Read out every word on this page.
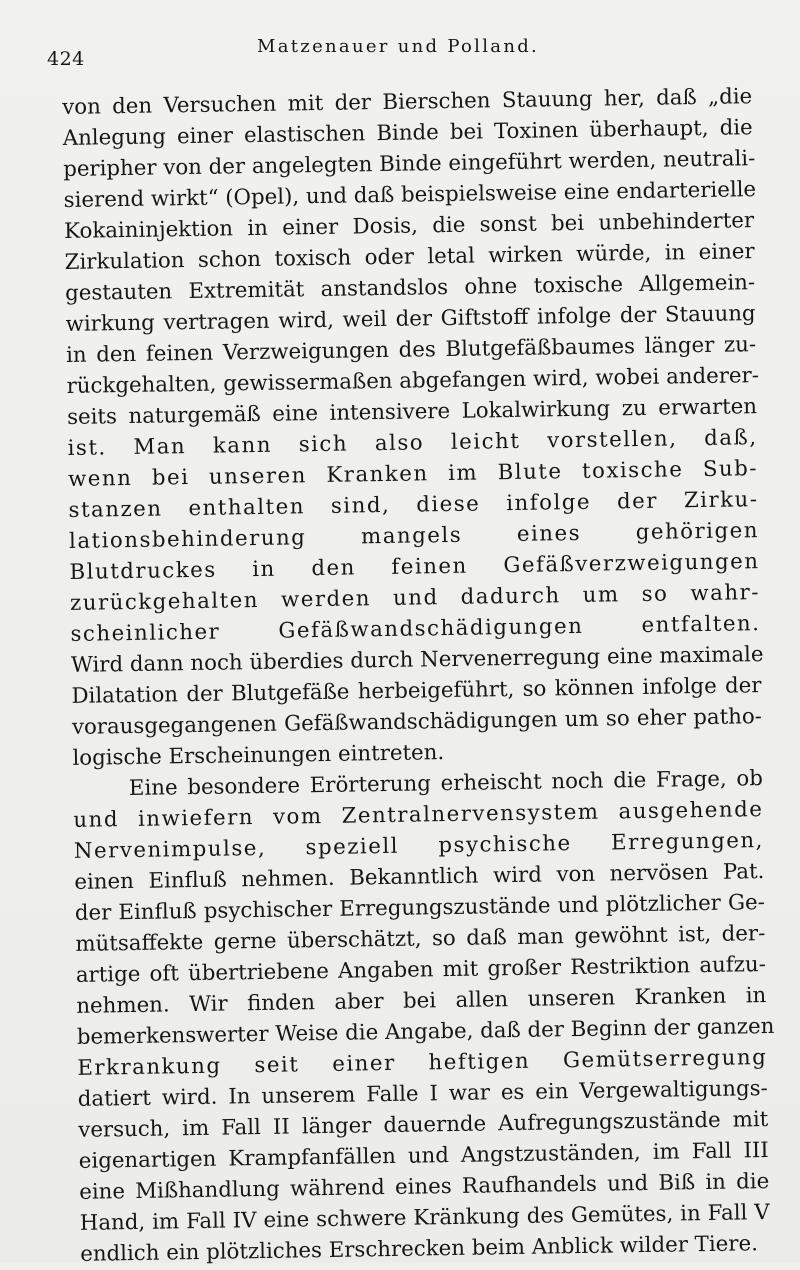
424
Matzenauer und Polland.
von den Versuchen mit der Bierschen Stauung her, daß „die
Anlegung einer elastischen Binde bei Toxinen überhaupt, die
peripher von der angelegten Binde eingeführt werden, neutrali-
sierend wirkt“ (Opel), und daß beispielsweise eine endarterielle
Kokaininjektion in einer Dosis, die sonst bei unbehinderter
Zirkulation schon toxisch oder letal wirken würde, in einer
gestauten Extremität anstandslos ohne toxische Allgemein-
wirkung vertragen wird, weil der Giftstoff infolge der Stauung
in den feinen Verzweigungen des Blutgefäßbaumes länger zu-
rückgehalten, gewissermaßen abgefangen wird, wobei anderer-
seits naturgemäß eine intensivere Lokalwirkung zu erwarten
ist. Man kann sich also leicht vorstellen, daß,
wenn bei unseren Kranken im Blute toxische Sub-
stanzen enthalten sind, diese infolge der Zirku-
lationsbehinderung mangels eines gehörigen
Blutdruckes in den feinen Gefäßverzweigungen
zurückgehalten werden und dadurch um so wahr-
scheinlicher Gefäßwandschädigungen entfalten.
Wird dann noch überdies durch Nervenerregung eine maximale
Dilatation der Blutgefäße herbeigeführt, so können infolge der
vorausgegangenen Gefäßwandschädigungen um so eher patho-
logische Erscheinungen eintreten.
Eine besondere Erörterung erheischt noch die Frage, ob
und inwiefern vom Zentralnervensystem ausgehende
Nervenimpulse, speziell psychische Erregungen,
einen Einfluß nehmen. Bekanntlich wird von nervösen Pat.
der Einfluß psychischer Erregungszustände und plötzlicher Ge-
mütsaffekte gerne überschätzt, so daß man gewöhnt ist, der-
artige oft übertriebene Angaben mit großer Restriktion aufzu-
nehmen. Wir finden aber bei allen unseren Kranken in
bemerkenswerter Weise die Angabe, daß der Beginn der ganzen
Erkrankung seit einer heftigen Gemütserregung
datiert wird. In unserem Falle I war es ein Vergewaltigungs-
versuch, im Fall II länger dauernde Aufregungszustände mit
eigenartigen Krampfanfällen und Angstzuständen, im Fall III
eine Mißhandlung während eines Raufhandels und Biß in die
Hand, im Fall IV eine schwere Kränkung des Gemütes, in Fall V
endlich ein plötzliches Erschrecken beim Anblick wilder Tiere.
